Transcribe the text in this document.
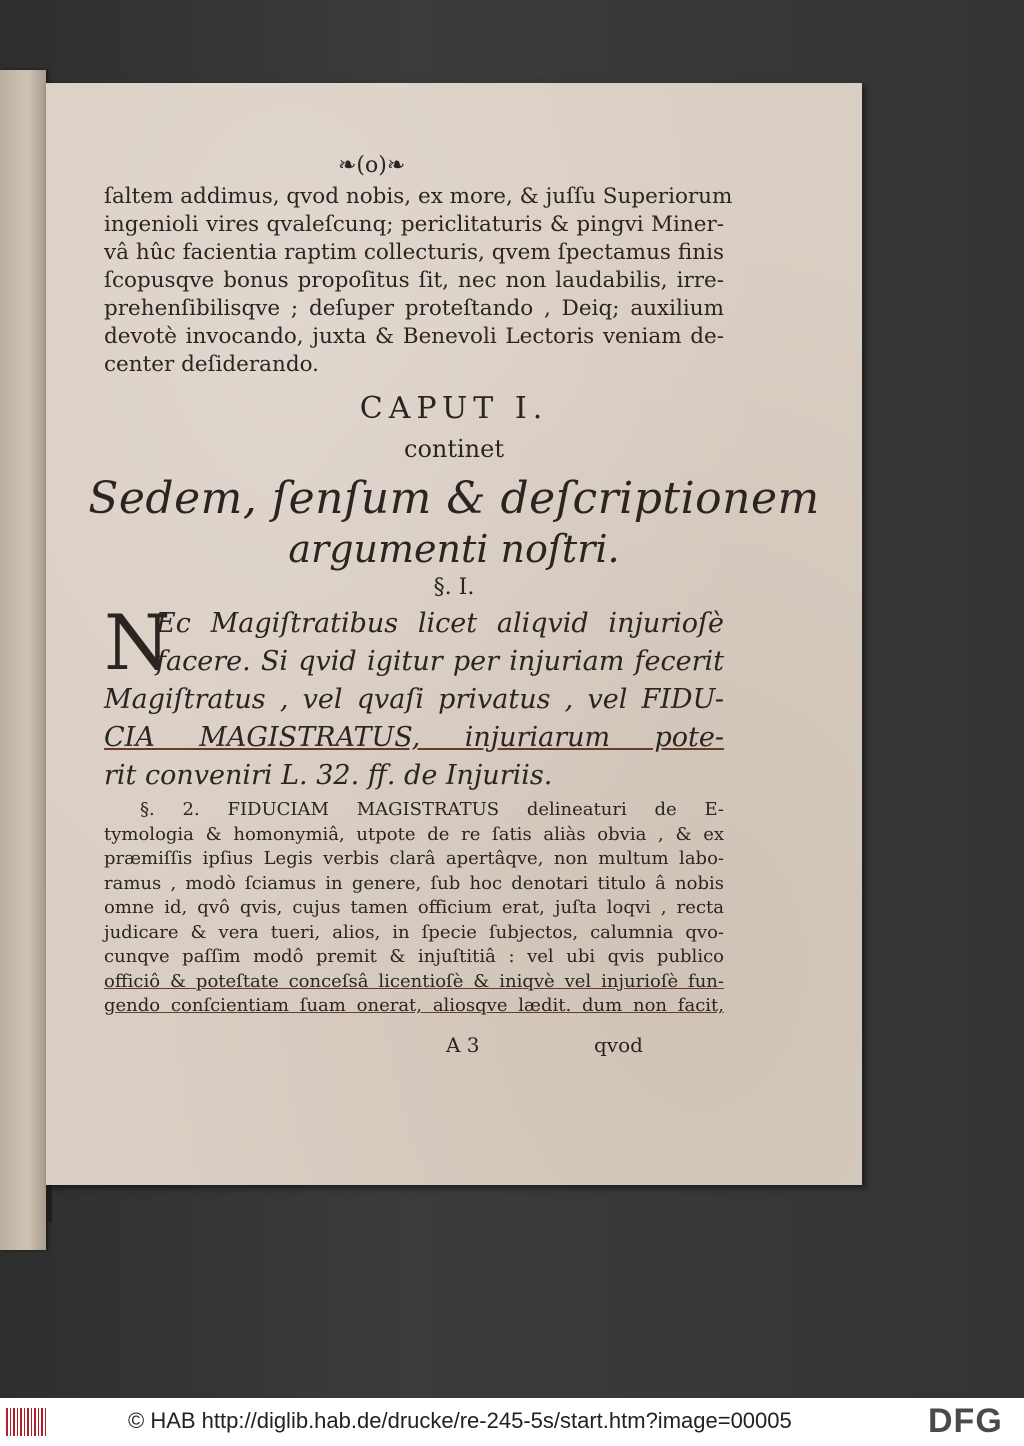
❧(o)❧
ſaltem addimus, qvod nobis, ex more, & juſſu Superiorum
ingenioli vires qvaleſcunq; periclitaturis & pingvi Miner-
vâ hûc facientia raptim collecturis, qvem ſpectamus finis
ſcopusqve bonus propoſitus ſit, nec non laudabilis, irre-
prehenſibilisqve ; deſuper proteſtando , Deiq; auxilium
devotè invocando, juxta & Benevoli Lectoris veniam de-
center deſiderando.
CAPUT I.
continet
Sedem, ſenſum & deſcriptionem
argumenti noſtri.
§. I.
N
Ec Magiſtratibus licet aliqvid injurioſè
facere. Si qvid igitur per injuriam fecerit
Magiſtratus , vel qvaſi privatus , vel FIDU-
CIA MAGISTRATUS, injuriarum pote-
rit conveniri L. 32. ff. de Injuriis.
§. 2. FIDUCIAM MAGISTRATUS delineaturi de E-
tymologia & homonymiâ, utpote de re ſatis aliàs obvia , & ex
præmiſſis ipſius Legis verbis clarâ apertâqve, non multum labo-
ramus , modò ſciamus in genere, ſub hoc denotari titulo â nobis
omne id, qvô qvis, cujus tamen officium erat, juſta loqvi , recta
judicare & vera tueri, alios, in ſpecie ſubjectos, calumnia qvo-
cunqve paſſim modô premit & injuſtitiâ : vel ubi qvis publico
officiô & poteſtate conceſsâ licentioſè & iniqvè vel injurioſè fun-
gendo conſcientiam ſuam onerat, aliosqve lædit. dum non facit,
A 3	qvod
© HAB http://diglib.hab.de/drucke/re-245-5s/start.htm?image=00005	DFG
